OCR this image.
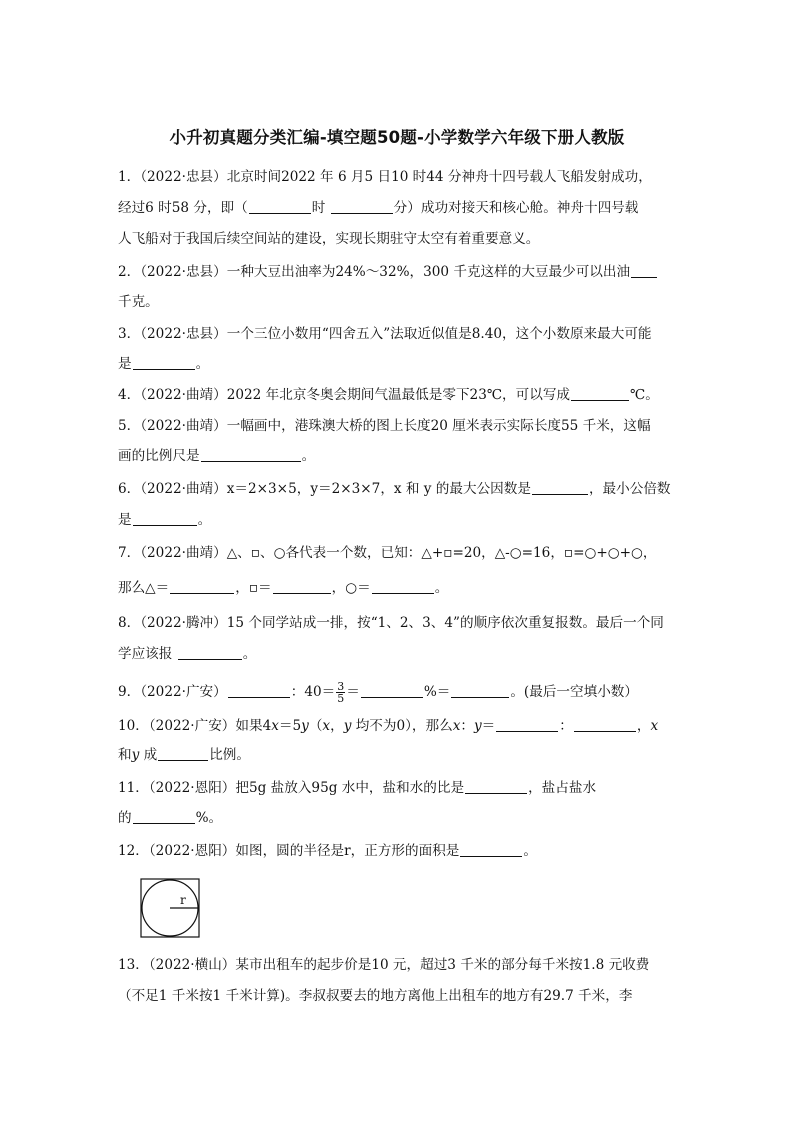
小升初真题分类汇编-填空题50题-小学数学六年级下册人教版
1．（2022·忠县）北京时间2022 年 6 月5 日10 时44 分神舟十四号载人飞船发射成功，
经过6 时58 分，即（	时	分）成功对接天和核心舱。神舟十四号载
人飞船对于我国后续空间站的建设，实现长期驻守太空有着重要意义。
2．（2022·忠县）一种大豆出油率为24%～32%，300 千克这样的大豆最少可以出油
千克。
3．（2022·忠县）一个三位小数用“四舍五入”法取近似值是8.40，这个小数原来最大可能
是	。
4．（2022·曲靖）2022 年北京冬奥会期间气温最低是零下23℃，可以写成	℃。
5．（2022·曲靖）一幅画中，港珠澳大桥的图上长度20 厘米表示实际长度55 千米，这幅
画的比例尺是	。
6．（2022·曲靖）x＝2×3×5，y＝2×3×7，x 和 y 的最大公因数是	，最小公倍数
是	。
7．（2022·曲靖）△、▫、○各代表一个数，已知：△+▫=20，△-○=16，▫=○+○+○，
那么△＝	，▫＝	，○＝	。
8．（2022·腾冲）15 个同学站成一排，按“1、2、3、4”的顺序依次重复报数。最后一个同
学应该报	。
9．（2022·广安）	：$40= \frac{3}{5}$ ＝	%＝	。(最后一空填小数）
10．（2022·广安）如果4x＝5y（x，y 均不为0），那么x：y＝	：	，x
和y 成	比例。
11．（2022·恩阳）把5g 盐放入95g 水中，盐和水的比是	，盐占盐水
的	%。
12．（2022·恩阳）如图，圆的半径是r，正方形的面积是	。
r
13．（2022·横山）某市出租车的起步价是10 元，超过3 千米的部分每千米按1.8 元收费
（不足1 千米按1 千米计算)。李叔叔要去的地方离他上出租车的地方有29.7 千米，李
